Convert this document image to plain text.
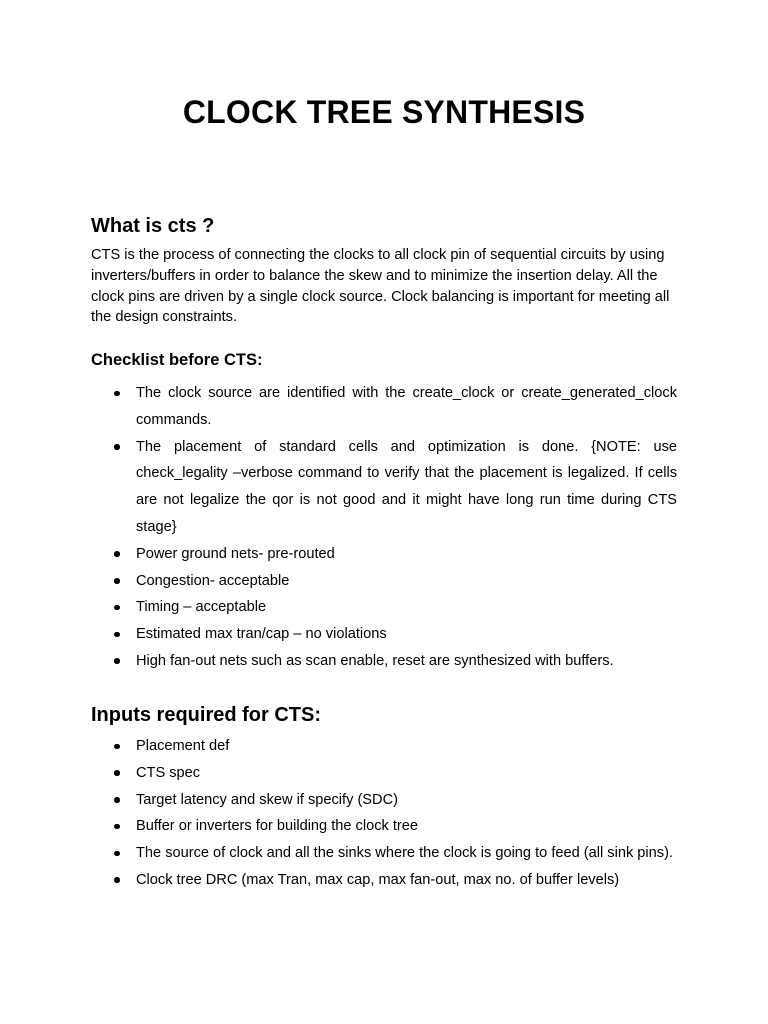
CLOCK TREE SYNTHESIS
What is cts ?

CTS is the process of connecting the clocks to all clock pin of sequential circuits by using inverters/buffers in order to balance the skew and to minimize the insertion delay. All the clock pins are driven by a single clock source. Clock balancing is important for meeting all the design constraints.

Checklist before CTS:
The clock source are identified with the create_clock or create_generated_clock commands.
The placement of standard cells and optimization is done. {NOTE: use check_legality –verbose command to verify that the placement is legalized. If cells are not legalize the qor is not good and it might have long run time during CTS stage}
Power ground nets- pre-routed
Congestion- acceptable
Timing – acceptable
Estimated max tran/cap – no violations
High fan-out nets such as scan enable, reset are synthesized with buffers.
Inputs required for CTS:
Placement def
CTS spec
Target latency and skew if specify (SDC)
Buffer or inverters for building the clock tree
The source of clock and all the sinks where the clock is going to feed (all sink pins).
Clock tree DRC (max Tran, max cap, max fan-out, max no. of buffer levels)
